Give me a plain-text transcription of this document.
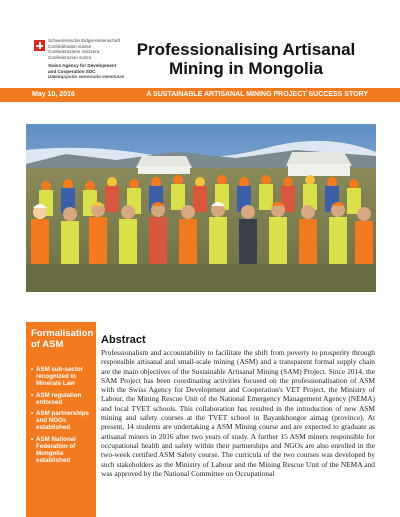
Schweizerische Eidgenossenschaft
Confédération suisse
Confederazione Svizzera
Confederaziun svizra
Swiss Agency for Development
and Cooperation SDC
Швейцарийн хөгжлийн агентлаг
Professionalising Artisanal
Mining in Mongolia
May 10, 2016	A SUSTAINABLE ARTISANAL MINING PROJECT SUCCESS STORY
Formalisation
of ASM
• ASM sub-sector recognized in Minerals Law
• ASM regulation enforced
• ASM partnerships and NGOs established
• ASM National Federation of Mongolia established
Abstract

Professionalism and accountability to facilitate the shift from poverty to prosperity through responsible artisanal and small-scale mining (ASM) and a transparent formal supply chain are the main objectives of the Sustainable Artisanal Mining (SAM) Project. Since 2014, the SAM Project has been coordinating activities focused on the professionalisation of ASM with the Swiss Agency for Development and Cooperation's VET Project, the Ministry of Labour, the Mining Rescue Unit of the National Emergency Management Agency (NEMA) and local TVET schools. This collaboration has resulted in the introduction of new ASM mining and safety courses at the TVET school in Bayankhongor aimag (province). At present, 14 students are undertaking a ASM Mining course and are expected to graduate as artisanal miners in 2016 after two years of study. A further 15 ASM miners responsible for occupational health and safety within their partnerships and NGOs are also enrolled in the two-week certified ASM Safety course. The curricula of the two courses was developed by such stakeholders as the Ministry of Labour and the Mining Rescue Unit of the NEMA and was approved by the National Committee on Occupational
